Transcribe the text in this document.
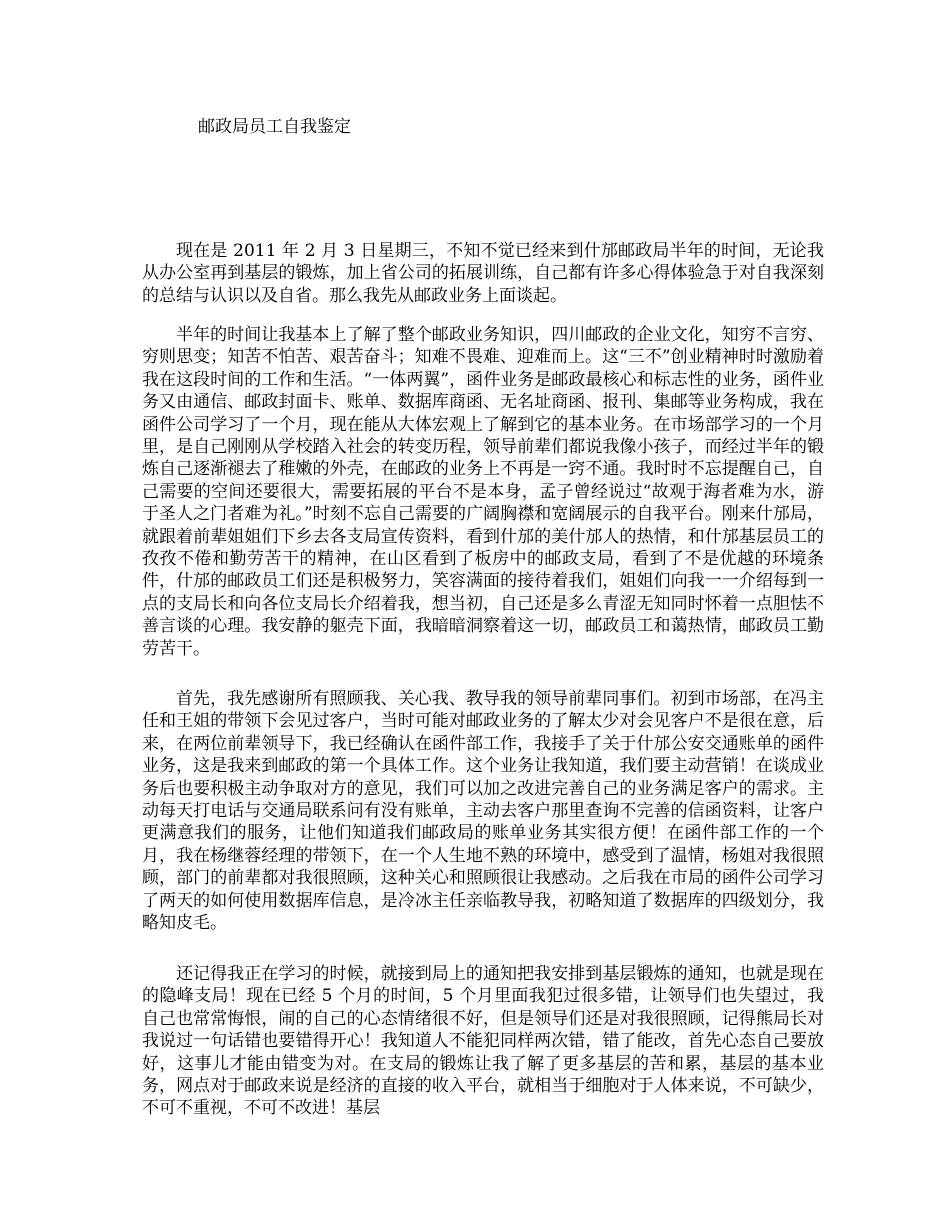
邮政局员工自我鉴定

现在是 2011 年 2 月 3 日星期三，不知不觉已经来到什邡邮政局半年的时间，无论我从办公室再到基层的锻炼，加上省公司的拓展训练，自己都有许多心得体验急于对自我深刻的总结与认识以及自省。那么我先从邮政业务上面谈起。

半年的时间让我基本上了解了整个邮政业务知识，四川邮政的企业文化，知穷不言穷、穷则思变；知苦不怕苦、艰苦奋斗；知难不畏难、迎难而上。这“三不”创业精神时时激励着我在这段时间的工作和生活。“一体两翼”，函件业务是邮政最核心和标志性的业务，函件业务又由通信、邮政封面卡、账单、数据库商函、无名址商函、报刊、集邮等业务构成，我在函件公司学习了一个月，现在能从大体宏观上了解到它的基本业务。在市场部学习的一个月里，是自己刚刚从学校踏入社会的转变历程，领导前辈们都说我像小孩子，而经过半年的锻炼自己逐渐褪去了稚嫩的外壳，在邮政的业务上不再是一窍不通。我时时不忘提醒自己，自己需要的空间还要很大，需要拓展的平台不是本身，孟子曾经说过“故观于海者难为水，游于圣人之门者难为礼。”时刻不忘自己需要的广阔胸襟和宽阔展示的自我平台。刚来什邡局，就跟着前辈姐姐们下乡去各支局宣传资料，看到什邡的美什邡人的热情，和什邡基层员工的孜孜不倦和勤劳苦干的精神，在山区看到了板房中的邮政支局，看到了不是优越的环境条件，什邡的邮政员工们还是积极努力，笑容满面的接待着我们，姐姐们向我一一介绍每到一点的支局长和向各位支局长介绍着我，想当初，自己还是多么青涩无知同时怀着一点胆怯不善言谈的心理。我安静的躯壳下面，我暗暗洞察着这一切，邮政员工和蔼热情，邮政员工勤劳苦干。

首先，我先感谢所有照顾我、关心我、教导我的领导前辈同事们。初到市场部，在冯主任和王姐的带领下会见过客户，当时可能对邮政业务的了解太少对会见客户不是很在意，后来，在两位前辈领导下，我已经确认在函件部工作，我接手了关于什邡公安交通账单的函件业务，这是我来到邮政的第一个具体工作。这个业务让我知道，我们要主动营销！在谈成业务后也要积极主动争取对方的意见，我们可以加之改进完善自己的业务满足客户的需求。主动每天打电话与交通局联系问有没有账单，主动去客户那里查询不完善的信函资料，让客户更满意我们的服务，让他们知道我们邮政局的账单业务其实很方便！在函件部工作的一个月，我在杨继蓉经理的带领下，在一个人生地不熟的环境中，感受到了温情，杨姐对我很照顾，部门的前辈都对我很照顾，这种关心和照顾很让我感动。之后我在市局的函件公司学习了两天的如何使用数据库信息，是冷冰主任亲临教导我，初略知道了数据库的四级划分，我略知皮毛。

还记得我正在学习的时候，就接到局上的通知把我安排到基层锻炼的通知，也就是现在的隐峰支局！现在已经 5 个月的时间，5 个月里面我犯过很多错，让领导们也失望过，我自己也常常悔恨，闹的自己的心态情绪很不好，但是领导们还是对我很照顾，记得熊局长对我说过一句话错也要错得开心！我知道人不能犯同样两次错，错了能改，首先心态自己要放好，这事儿才能由错变为对。在支局的锻炼让我了解了更多基层的苦和累，基层的基本业务，网点对于邮政来说是经济的直接的收入平台，就相当于细胞对于人体来说，不可缺少，不可不重视，不可不改进！基层
